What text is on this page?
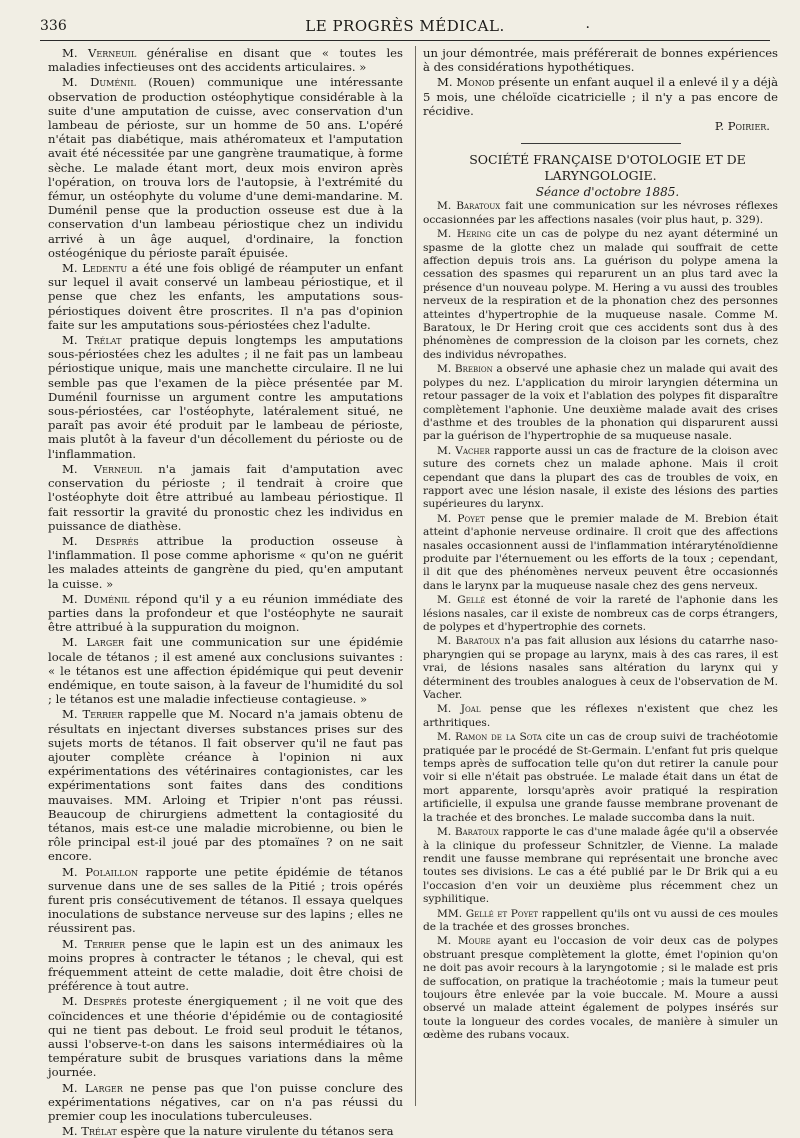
336	LE PROGRÈS MÉDICAL.	.

M. Verneuil généralise en disant que « toutes les maladies infectieuses ont des accidents articulaires. »

M. Duménil (Rouen) communique une intéressante observation de production ostéophytique considérable à la suite d'une amputation de cuisse, avec conservation d'un lambeau de périoste, sur un homme de 50 ans. L'opéré n'était pas diabétique, mais athéromateux et l'amputation avait été nécessitée par une gangrène traumatique, à forme sèche. Le malade étant mort, deux mois environ après l'opération, on trouva lors de l'autopsie, à l'extrémité du fémur, un ostéophyte du volume d'une demi-mandarine. M. Duménil pense que la production osseuse est due à la conservation d'un lambeau périostique chez un individu arrivé à un âge auquel, d'ordinaire, la fonction ostéogénique du périoste paraît épuisée.

M. Ledentu a été une fois obligé de réamputer un enfant sur lequel il avait conservé un lambeau périostique, et il pense que chez les enfants, les amputations sous-périostiques doivent être proscrites. Il n'a pas d'opinion faite sur les amputations sous-périostées chez l'adulte.

M. Trélat pratique depuis longtemps les amputations sous-périostées chez les adultes ; il ne fait pas un lambeau périostique unique, mais une manchette circulaire. Il ne lui semble pas que l'examen de la pièce présentée par M. Duménil fournisse un argument contre les amputations sous-périostées, car l'ostéophyte, latéralement situé, ne paraît pas avoir été produit par le lambeau de périoste, mais plutôt à la faveur d'un décollement du périoste ou de l'inflammation.

M. Verneuil n'a jamais fait d'amputation avec conservation du périoste ; il tendrait à croire que l'ostéophyte doit être attribué au lambeau périostique. Il fait ressortir la gravité du pronostic chez les individus en puissance de diathèse.

M. Després attribue la production osseuse à l'inflammation. Il pose comme aphorisme « qu'on ne guérit les malades atteints de gangrène du pied, qu'en amputant la cuisse. »

M. Duménil répond qu'il y a eu réunion immédiate des parties dans la profondeur et que l'ostéophyte ne saurait être attribué à la suppuration du moignon.

M. Larger fait une communication sur une épidémie locale de tétanos ; il est amené aux conclusions suivantes : « le tétanos est une affection épidémique qui peut devenir endémique, en toute saison, à la faveur de l'humidité du sol ; le tétanos est une maladie infectieuse contagieuse. »

M. Terrier rappelle que M. Nocard n'a jamais obtenu de résultats en injectant diverses substances prises sur des sujets morts de tétanos. Il fait observer qu'il ne faut pas ajouter complète créance à l'opinion ni aux expérimentations des vétérinaires contagionistes, car les expérimentations sont faites dans des conditions mauvaises. MM. Arloing et Tripier n'ont pas réussi. Beaucoup de chirurgiens admettent la contagiosité du tétanos, mais est-ce une maladie microbienne, ou bien le rôle principal est-il joué par des ptomaïnes ? on ne sait encore.

M. Polaillon rapporte une petite épidémie de tétanos survenue dans une de ses salles de la Pitié ; trois opérés furent pris consécutivement de tétanos. Il essaya quelques inoculations de substance nerveuse sur des lapins ; elles ne réussirent pas.

M. Terrier pense que le lapin est un des animaux les moins propres à contracter le tétanos ; le cheval, qui est fréquemment atteint de cette maladie, doit être choisi de préférence à tout autre.

M. Després proteste énergiquement ; il ne voit que des coïncidences et une théorie d'épidémie ou de contagiosité qui ne tient pas debout. Le froid seul produit le tétanos, aussi l'observe-t-on dans les saisons intermédiaires où la température subit de brusques variations dans la même journée.

M. Larger ne pense pas que l'on puisse conclure des expérimentations négatives, car on n'a pas réussi du premier coup les inoculations tuberculeuses.

M. Trélat espère que la nature virulente du tétanos sera

un jour démontrée, mais préférerait de bonnes expériences à des considérations hypothétiques.

M. Monod présente un enfant auquel il a enlevé il y a déjà 5 mois, une chéloïde cicatricielle ; il n'y a pas encore de récidive.

P. Poirier.

SOCIÉTÉ FRANÇAISE D'OTOLOGIE ET DE
LARYNGOLOGIE.

Séance d'octobre 1885.

M. Baratoux fait une communication sur les névroses réflexes occasionnées par les affections nasales (voir plus haut, p. 329).

M. Hering cite un cas de polype du nez ayant déterminé un spasme de la glotte chez un malade qui souffrait de cette affection depuis trois ans. La guérison du polype amena la cessation des spasmes qui reparurent un an plus tard avec la présence d'un nouveau polype. M. Hering a vu aussi des troubles nerveux de la respiration et de la phonation chez des personnes atteintes d'hypertrophie de la muqueuse nasale. Comme M. Baratoux, le Dr Hering croit que ces accidents sont dus à des phénomènes de compression de la cloison par les cornets, chez des individus névropathes.

M. Brebion a observé une aphasie chez un malade qui avait des polypes du nez. L'application du miroir laryngien détermina un retour passager de la voix et l'ablation des polypes fit disparaître complètement l'aphonie. Une deuxième malade avait des crises d'asthme et des troubles de la phonation qui disparurent aussi par la guérison de l'hypertrophie de sa muqueuse nasale.

M. Vacher rapporte aussi un cas de fracture de la cloison avec suture des cornets chez un malade aphone. Mais il croit cependant que dans la plupart des cas de troubles de voix, en rapport avec une lésion nasale, il existe des lésions des parties supérieures du larynx.

M. Poyet pense que le premier malade de M. Brebion était atteint d'aphonie nerveuse ordinaire. Il croit que des affections nasales occasionnent aussi de l'inflammation intéraryténoïdienne produite par l'éternuement ou les efforts de la toux ; cependant, il dit que des phénomènes nerveux peuvent être occasionnés dans le larynx par la muqueuse nasale chez des gens nerveux.

M. Gellé est étonné de voir la rareté de l'aphonie dans les lésions nasales, car il existe de nombreux cas de corps étrangers, de polypes et d'hypertrophie des cornets.

M. Baratoux n'a pas fait allusion aux lésions du catarrhe naso-pharyngien qui se propage au larynx, mais à des cas rares, il est vrai, de lésions nasales sans altération du larynx qui y déterminent des troubles analogues à ceux de l'observation de M. Vacher.

M. Joal pense que les réflexes n'existent que chez les arthritiques.

M. Ramon de la Sota cite un cas de croup suivi de trachéotomie pratiquée par le procédé de St-Germain. L'enfant fut pris quelque temps après de suffocation telle qu'on dut retirer la canule pour voir si elle n'était pas obstruée. Le malade était dans un état de mort apparente, lorsqu'après avoir pratiqué la respiration artificielle, il expulsa une grande fausse membrane provenant de la trachée et des bronches. Le malade succomba dans la nuit.

M. Baratoux rapporte le cas d'une malade âgée qu'il a observée à la clinique du professeur Schnitzler, de Vienne. La malade rendit une fausse membrane qui représentait une bronche avec toutes ses divisions. Le cas a été publié par le Dr Brik qui a eu l'occasion d'en voir un deuxième plus récemment chez un syphilitique.

MM. Gellé et Poyet rappellent qu'ils ont vu aussi de ces moules de la trachée et des grosses bronches.

M. Moure ayant eu l'occasion de voir deux cas de polypes obstruant presque complètement la glotte, émet l'opinion qu'on ne doit pas avoir recours à la laryngotomie ; si le malade est pris de suffocation, on pratique la trachéotomie ; mais la tumeur peut toujours être enlevée par la voie buccale. M. Moure a aussi observé un malade atteint également de polypes insérés sur toute la longueur des cordes vocales, de manière à simuler un œdème des rubans vocaux.
